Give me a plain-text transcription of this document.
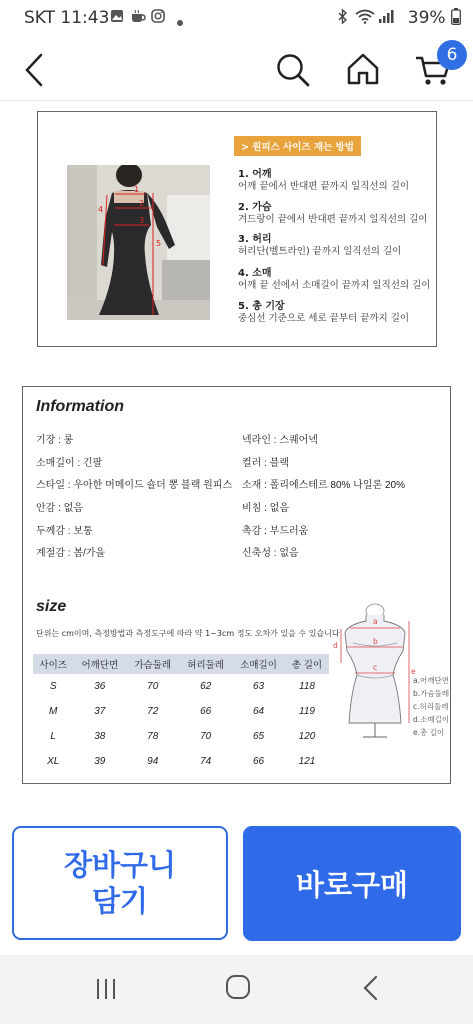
SKT 11:43	39%
6
1
2
3
4
5
> 원피스 사이즈 재는 방법
1. 어깨
어깨 끝에서 반대편 끝까지 일직선의 길이
2. 가슴
겨드랑이 끝에서 반대편 끝까지 일직선의 길이
3. 허리
허리단(벨트라인) 끝까지 일직선의 길이
4. 소매
어깨 끝 선에서 소매길이 끝까지 일직선의 길이
5. 총 기장
중심선 기준으로 세로 끝부터 끝까지 길이
Information
기장 : 롱
소매길이 : 긴팔
스타일 : 우아한 머메이드 숄더 뽕 블랙 원피스
안감 : 없음
두께감 : 보통
계절감 : 봄/가을
넥라인 : 스퀘어넥
컬러 : 블랙
소재 : 폴리에스테르 80% 나일론 20%
비침 : 없음
촉감 : 부드러움
신축성 : 없음
size
단위는 cm이며, 측정방법과 측정도구에 따라 약 1~3cm 정도 오차가 있을 수 있습니다.
사이즈	어깨단면	가슴둘레	허리둘레	소매길이	총 길이
S	36	70	62	63	118
M	37	72	66	64	119
L	38	78	70	65	120
XL	39	94	74	66	121
a
b
c
d
e
a.어깨단면
b.가슴둘레
c.허리둘레
d.소매길이
e.총 길이
장바구니
담기	바로구매
